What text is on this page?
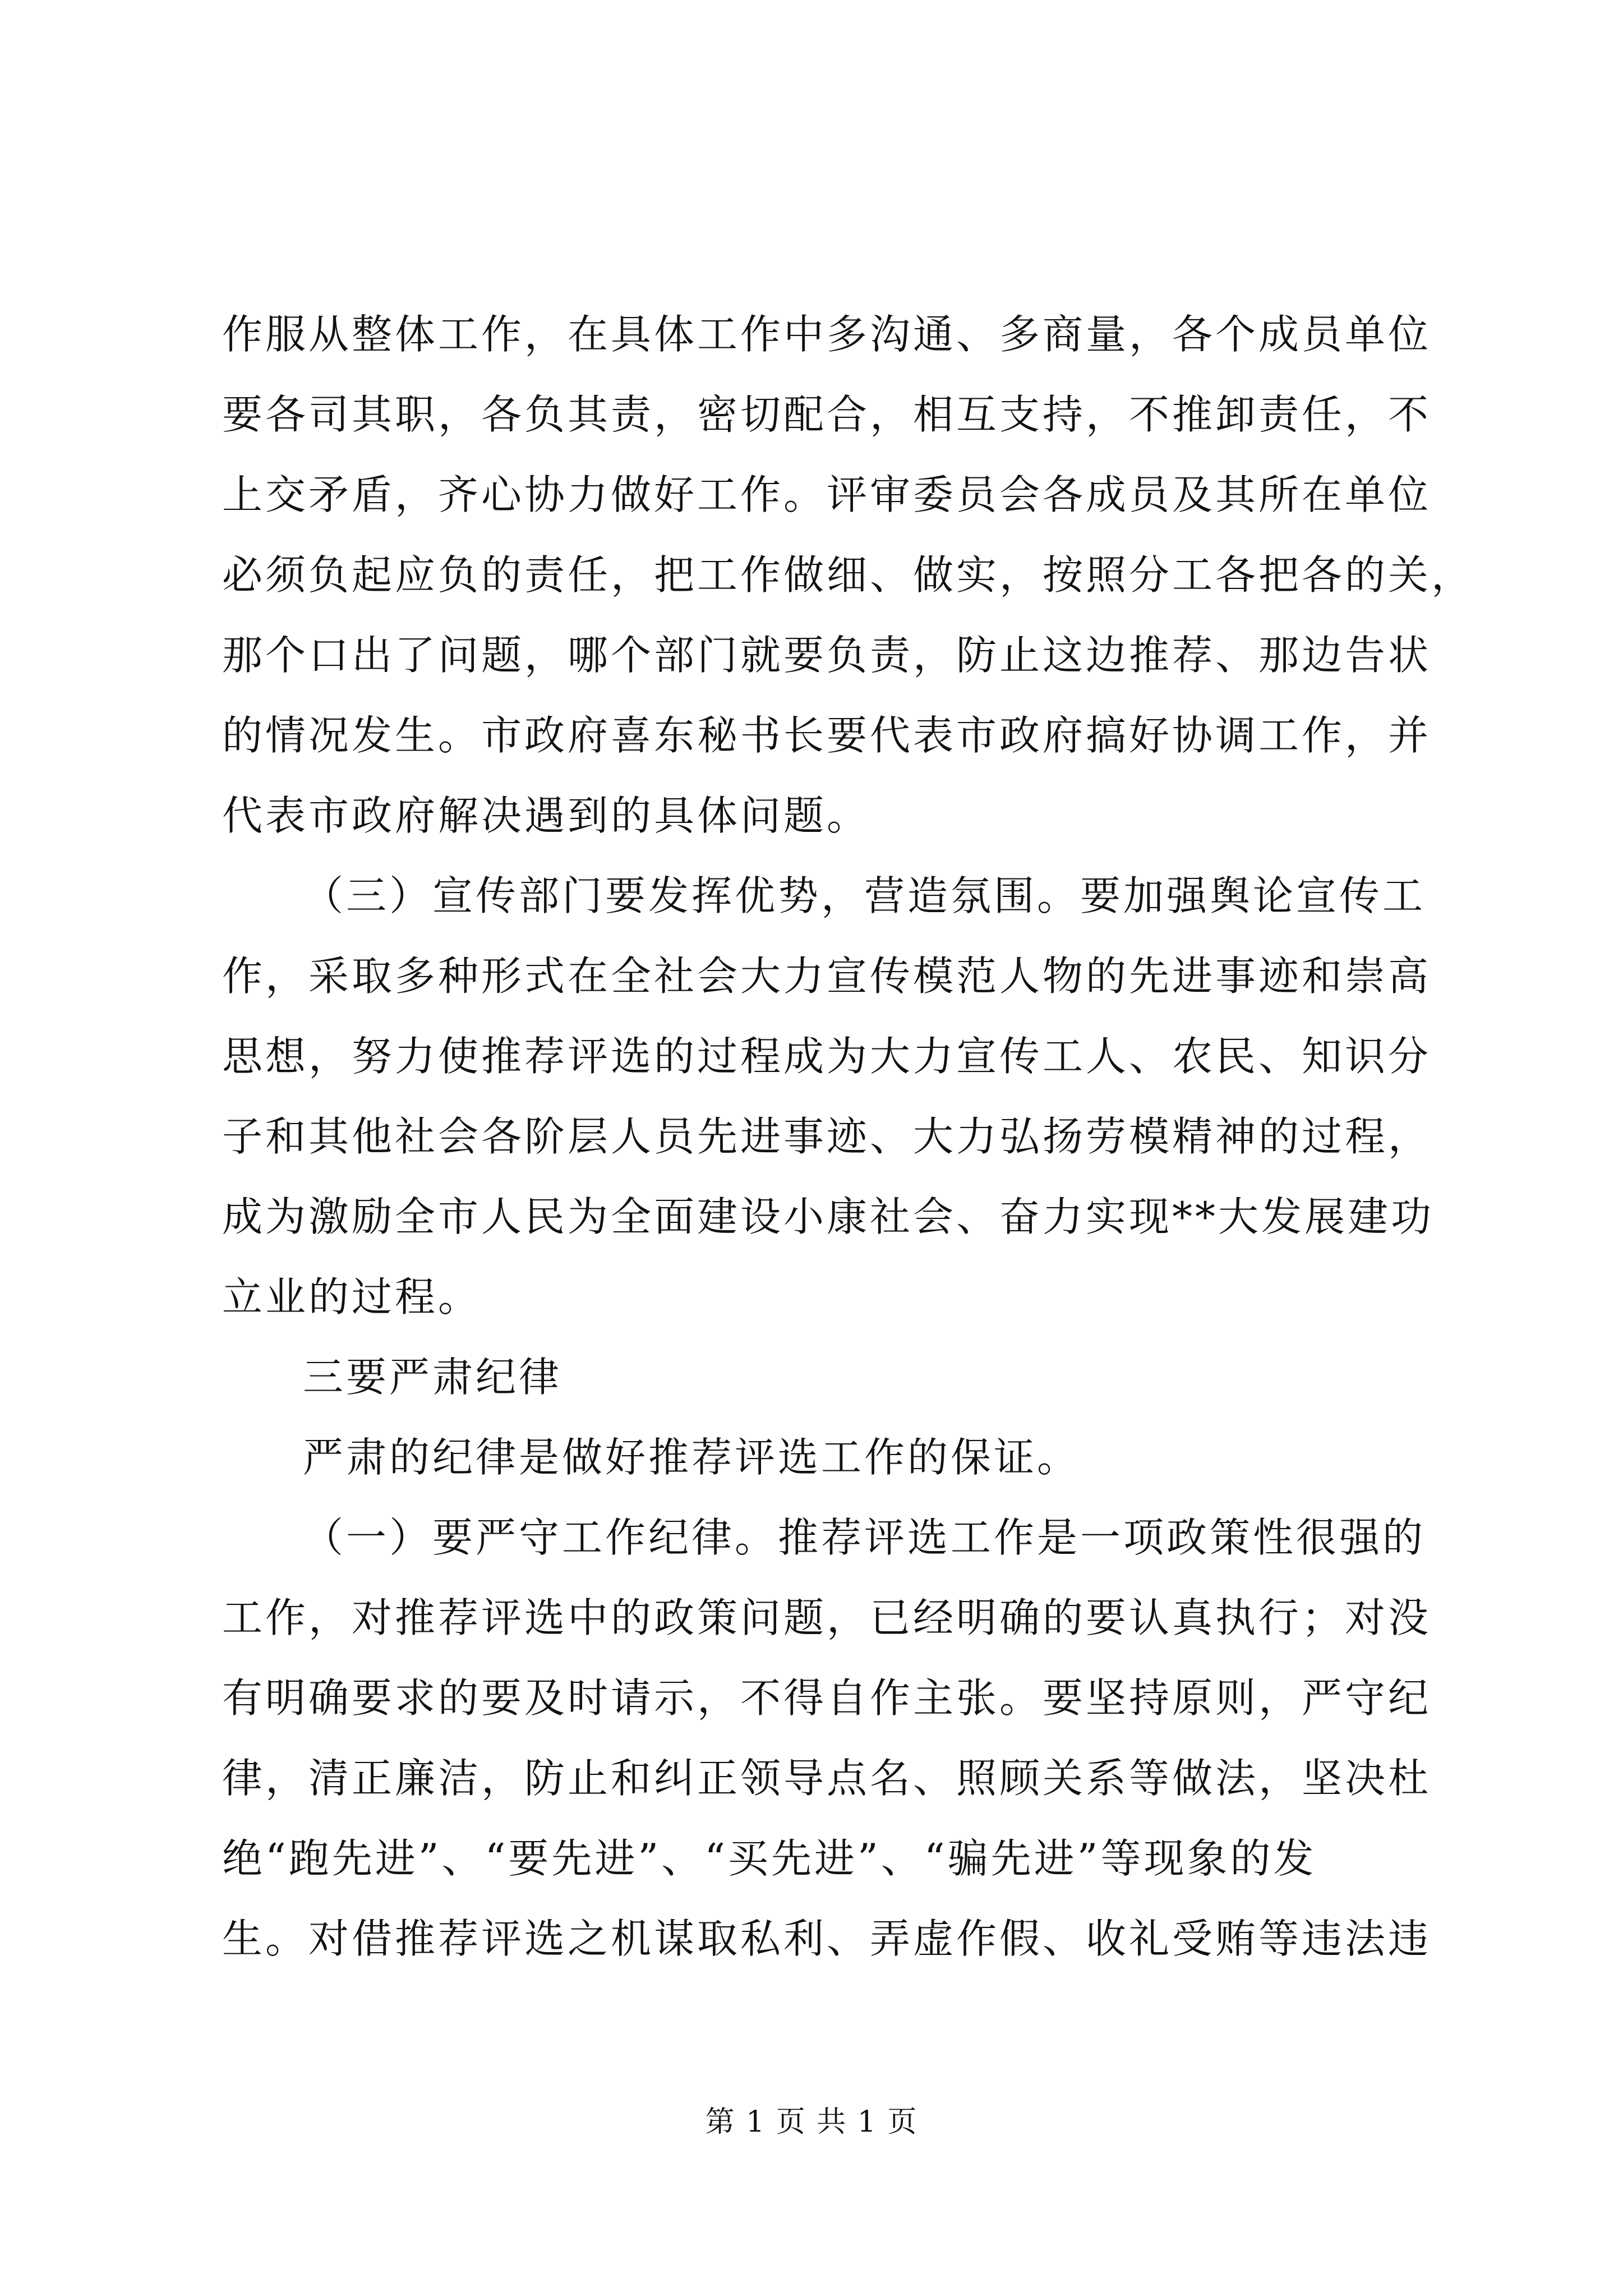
作服从整体工作，在具体工作中多沟通、多商量，各个成员单位
要各司其职，各负其责，密切配合，相互支持，不推卸责任，不
上交矛盾，齐心协力做好工作。评审委员会各成员及其所在单位
必须负起应负的责任，把工作做细、做实，按照分工各把各的关，
那个口出了问题，哪个部门就要负责，防止这边推荐、那边告状
的情况发生。市政府喜东秘书长要代表市政府搞好协调工作，并
代表市政府解决遇到的具体问题。
（三）宣传部门要发挥优势，营造氛围。要加强舆论宣传工
作，采取多种形式在全社会大力宣传模范人物的先进事迹和崇高
思想，努力使推荐评选的过程成为大力宣传工人、农民、知识分
子和其他社会各阶层人员先进事迹、大力弘扬劳模精神的过程，
成为激励全市人民为全面建设小康社会、奋力实现**大发展建功
立业的过程。
三要严肃纪律
严肃的纪律是做好推荐评选工作的保证。
（一）要严守工作纪律。推荐评选工作是一项政策性很强的
工作，对推荐评选中的政策问题，已经明确的要认真执行；对没
有明确要求的要及时请示，不得自作主张。要坚持原则，严守纪
律，清正廉洁，防止和纠正领导点名、照顾关系等做法，坚决杜
绝“跑先进”、“要先进”、“买先进”、“骗先进”等现象的发
生。对借推荐评选之机谋取私利、弄虚作假、收礼受贿等违法违
第 1 页 共 1 页
